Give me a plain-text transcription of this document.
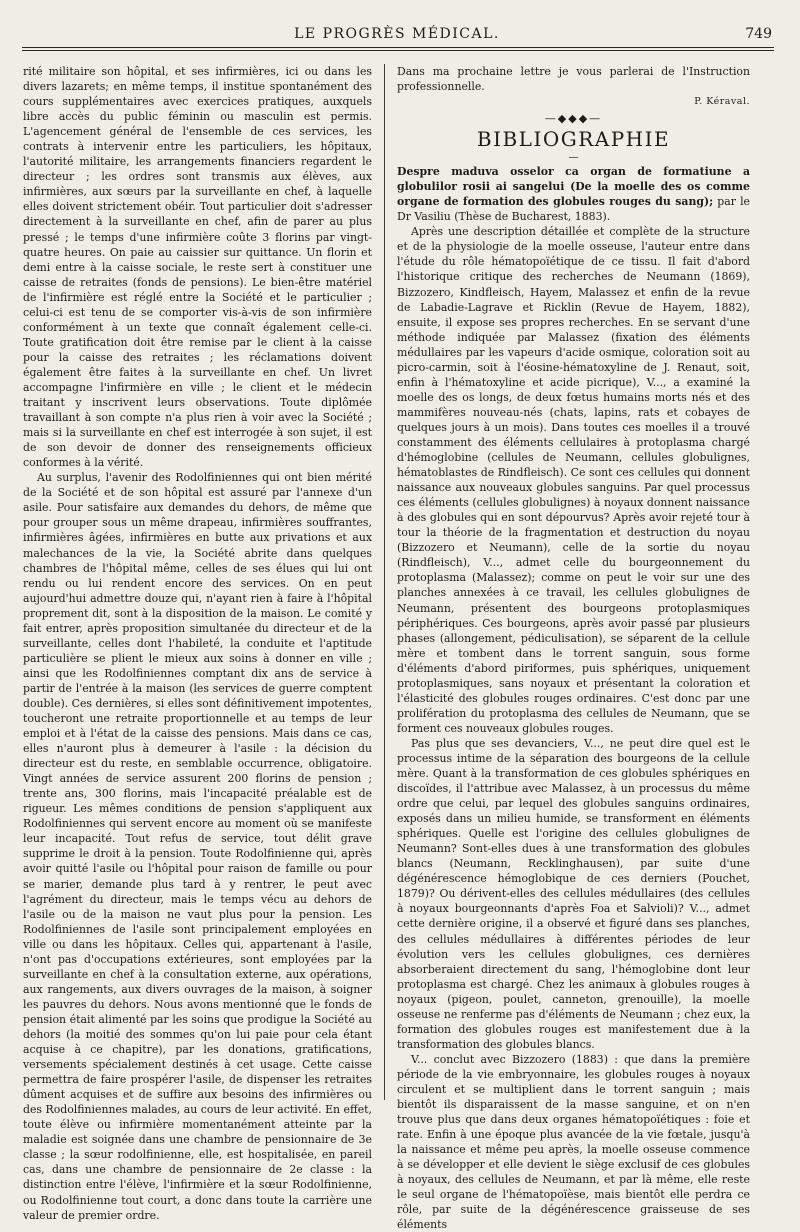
LE PROGRÈS MÉDICAL.	749

rité militaire son hôpital, et ses infirmières, ici ou dans les divers lazarets; en même temps, il institue spontanément des cours supplémentaires avec exercices pratiques, auxquels libre accès du public féminin ou masculin est permis. L'agencement général de l'ensemble de ces services, les contrats à intervenir entre les particuliers, les hôpitaux, l'autorité militaire, les arrangements financiers regardent le directeur ; les ordres sont transmis aux élèves, aux infirmières, aux sœurs par la surveillante en chef, à laquelle elles doivent strictement obéir. Tout particulier doit s'adresser directement à la surveillante en chef, afin de parer au plus pressé ; le temps d'une infirmière coûte 3 florins par vingt-quatre heures. On paie au caissier sur quittance. Un florin et demi entre à la caisse sociale, le reste sert à constituer une caisse de retraites (fonds de pensions). Le bien-être matériel de l'infirmière est réglé entre la Société et le particulier ; celui-ci est tenu de se comporter vis-à-vis de son infirmière conformément à un texte que connaît également celle-ci. Toute gratification doit être remise par le client à la caisse pour la caisse des retraites ; les réclamations doivent également être faites à la surveillante en chef. Un livret accompagne l'infirmière en ville ; le client et le médecin traitant y inscrivent leurs observations. Toute diplômée travaillant à son compte n'a plus rien à voir avec la Société ; mais si la surveillante en chef est interrogée à son sujet, il est de son devoir de donner des renseignements officieux conformes à la vérité.

Au surplus, l'avenir des Rodolfiniennes qui ont bien mérité de la Société et de son hôpital est assuré par l'annexe d'un asile. Pour satisfaire aux demandes du dehors, de même que pour grouper sous un même drapeau, infirmières souffrantes, infirmières âgées, infirmières en butte aux privations et aux malechances de la vie, la Société abrite dans quelques chambres de l'hôpital même, celles de ses élues qui lui ont rendu ou lui rendent encore des services. On en peut aujourd'hui admettre douze qui, n'ayant rien à faire à l'hôpital proprement dit, sont à la disposition de la maison. Le comité y fait entrer, après proposition simultanée du directeur et de la surveillante, celles dont l'habileté, la conduite et l'aptitude particulière se plient le mieux aux soins à donner en ville ; ainsi que les Rodolfiniennes comptant dix ans de service à partir de l'entrée à la maison (les services de guerre comptent double). Ces dernières, si elles sont définitivement impotentes, toucheront une retraite proportionnelle et au temps de leur emploi et à l'état de la caisse des pensions. Mais dans ce cas, elles n'auront plus à demeurer à l'asile : la décision du directeur est du reste, en semblable occurrence, obligatoire. Vingt années de service assurent 200 florins de pension ; trente ans, 300 florins, mais l'incapacité préalable est de rigueur. Les mêmes conditions de pension s'appliquent aux Rodolfiniennes qui servent encore au moment où se manifeste leur incapacité. Tout refus de service, tout délit grave supprime le droit à la pension. Toute Rodolfinienne qui, après avoir quitté l'asile ou l'hôpital pour raison de famille ou pour se marier, demande plus tard à y rentrer, le peut avec l'agrément du directeur, mais le temps vécu au dehors de l'asile ou de la maison ne vaut plus pour la pension. Les Rodolfiniennes de l'asile sont principalement employées en ville ou dans les hôpitaux. Celles qui, appartenant à l'asile, n'ont pas d'occupations extérieures, sont employées par la surveillante en chef à la consultation externe, aux opérations, aux rangements, aux divers ouvrages de la maison, à soigner les pauvres du dehors. Nous avons mentionné que le fonds de pension était alimenté par les soins que prodigue la Société au dehors (la moitié des sommes qu'on lui paie pour cela étant acquise à ce chapitre), par les donations, gratifications, versements spécialement destinés à cet usage. Cette caisse permettra de faire prospérer l'asile, de dispenser les retraites dûment acquises et de suffire aux besoins des infirmières ou des Rodolfiniennes malades, au cours de leur activité. En effet, toute élève ou infirmière momentanément atteinte par la maladie est soignée dans une chambre de pensionnaire de 3e classe ; la sœur rodolfinienne, elle, est hospitalisée, en pareil cas, dans une chambre de pensionnaire de 2e classe : la distinction entre l'élève, l'infirmière et la sœur Rodolfinienne, ou Rodolfinienne tout court, a donc dans toute la carrière une valeur de premier ordre.

Dans ma prochaine lettre je vous parlerai de l'Instruction professionnelle.

P. Kéraval.
—◆◆◆—
BIBLIOGRAPHIE
—

Despre maduva osselor ca organ de formatiune a globulilor rosii ai sangelui (De la moelle des os comme organe de formation des globules rouges du sang); par le Dr Vasiliu (Thèse de Bucharest, 1883).

Après une description détaillée et complète de la structure et de la physiologie de la moelle osseuse, l'auteur entre dans l'étude du rôle hématopoïétique de ce tissu. Il fait d'abord l'historique critique des recherches de Neumann (1869), Bizzozero, Kindfleisch, Hayem, Malassez et enfin de la revue de Labadie-Lagrave et Ricklin (Revue de Hayem, 1882), ensuite, il expose ses propres recherches. En se servant d'une méthode indiquée par Malassez (fixation des éléments médullaires par les vapeurs d'acide osmique, coloration soit au picro-carmin, soit à l'éosine-hématoxyline de J. Renaut, soit, enfin à l'hématoxyline et acide picrique), V..., a examiné la moelle des os longs, de deux fœtus humains morts nés et des mammifères nouveau-nés (chats, lapins, rats et cobayes de quelques jours à un mois). Dans toutes ces moelles il a trouvé constamment des éléments cellulaires à protoplasma chargé d'hémoglobine (cellules de Neumann, cellules globulignes, hématoblastes de Rindfleisch). Ce sont ces cellules qui donnent naissance aux nouveaux globules sanguins. Par quel processus ces éléments (cellules globulignes) à noyaux donnent naissance à des globules qui en sont dépourvus? Après avoir rejeté tour à tour la théorie de la fragmentation et destruction du noyau (Bizzozero et Neumann), celle de la sortie du noyau (Rindfleisch), V..., admet celle du bourgeonnement du protoplasma (Malassez); comme on peut le voir sur une des planches annexées à ce travail, les cellules globulignes de Neumann, présentent des bourgeons protoplasmiques périphériques. Ces bourgeons, après avoir passé par plusieurs phases (allongement, pédiculisation), se séparent de la cellule mère et tombent dans le torrent sanguin, sous forme d'éléments d'abord piriformes, puis sphériques, uniquement protoplasmiques, sans noyaux et présentant la coloration et l'élasticité des globules rouges ordinaires. C'est donc par une prolifération du protoplasma des cellules de Neumann, que se forment ces nouveaux globules rouges.

Pas plus que ses devanciers, V..., ne peut dire quel est le processus intime de la séparation des bourgeons de la cellule mère. Quant à la transformation de ces globules sphériques en discoïdes, il l'attribue avec Malassez, à un processus du même ordre que celui, par lequel des globules sanguins ordinaires, exposés dans un milieu humide, se transforment en éléments sphériques. Quelle est l'origine des cellules globulignes de Neumann? Sont-elles dues à une transformation des globules blancs (Neumann, Recklinghausen), par suite d'une dégénérescence hémoglobique de ces derniers (Pouchet, 1879)? Ou dérivent-elles des cellules médullaires (des cellules à noyaux bourgeonnants d'après Foa et Salvioli)? V..., admet cette dernière origine, il a observé et figuré dans ses planches, des cellules médullaires à différentes périodes de leur évolution vers les cellules globulignes, ces dernières absorberaient directement du sang, l'hémoglobine dont leur protoplasma est chargé. Chez les animaux à globules rouges à noyaux (pigeon, poulet, canneton, grenouille), la moelle osseuse ne renferme pas d'éléments de Neumann ; chez eux, la formation des globules rouges est manifestement due à la transformation des globules blancs.

V... conclut avec Bizzozero (1883) : que dans la première période de la vie embryonnaire, les globules rouges à noyaux circulent et se multiplient dans le torrent sanguin ; mais bientôt ils disparaissent de la masse sanguine, et on n'en trouve plus que dans deux organes hématopoïétiques : foie et rate. Enfin à une époque plus avancée de la vie fœtale, jusqu'à la naissance et même peu après, la moelle osseuse commence à se développer et elle devient le siège exclusif de ces globules à noyaux, des cellules de Neumann, et par là même, elle reste le seul organe de l'hématopoïèse, mais bientôt elle perdra ce rôle, par suite de la dégénérescence graisseuse de ses éléments
